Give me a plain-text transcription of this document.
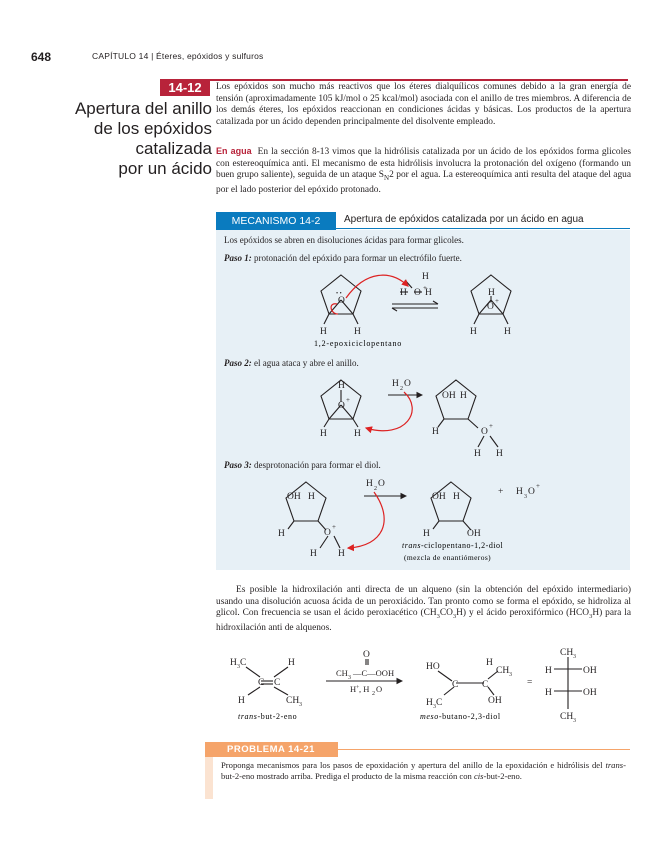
648	CAPÍTULO 14 | Éteres, epóxidos y sulfuros
14-12
Apertura del anillo
de los epóxidos
catalizada
por un ácido

Los epóxidos son mucho más reactivos que los éteres dialquílicos comunes debido a la gran energía de tensión (aproximadamente 105 kJ/mol o 25 kcal/mol) asociada con el anillo de tres miembros. A diferencia de los demás éteres, los epóxidos reaccionan en condiciones ácidas y básicas. Los productos de la apertura catalizada por un ácido dependen principalmente del disolvente empleado.

En agua En la sección 8-13 vimos que la hidrólisis catalizada por un ácido de los epóxidos forma glicoles con estereoquímica anti. El mecanismo de esta hidrólisis involucra la protonación del oxígeno (formando un buen grupo saliente), seguida de un ataque $S_N2$ por el agua. La estereoquímica anti resulta del ataque del agua por el lado posterior del epóxido protonado.

MECANISMO 14-2	Apertura de epóxidos catalizada por un ácido en agua
Los epóxidos se abren en disoluciones ácidas para formar glicoles.
Paso 1: protonación del epóxido para formar un electrófilo fuerte.
Paso 2: el agua ataca y abre el anillo.
Paso 3: desprotonación para formar el diol.
O
• •
H	H
H
H O +
H	H
O
+
H	H
H
O
+
H	H
H 2 O
OH H
H	O
+
H H
OH H
H	O
+
H H
H 2 O
OH H
H	OH
+ H 3 O
+
1,2-epoxiciclopentano
trans-ciclopentano-1,2-diol
(mezcla de enantiómeros)

Es posible la hidroxilación anti directa de un alqueno (sin la obtención del epóxido intermediario) usando una disolución acuosa ácida de un peroxiácido. Tan pronto como se forma el epóxido, se hidroliza al glicol. Con frecuencia se usan el ácido peroxiacético $(CH_3CO_3H)$ y el ácido peroxifórmico $(HCO_3H)$ para la hidroxilación anti de alquenos.

H 3 C	H
C C
H	CH 3
O
CH 3 —C—OOH
H + , H 2 O
HO
C C
H
CH 3
H 3 C	OH
=
CH 3
H	OH
H	OH
CH 3
trans-but-2-eno	meso-butano-2,3-diol
PROBLEMA 14-21
Proponga mecanismos para los pasos de epoxidación y apertura del anillo de la epoxidación e hidrólisis del trans-but-2-eno mostrado arriba. Prediga el producto de la misma reacción con cis-but-2-eno.
